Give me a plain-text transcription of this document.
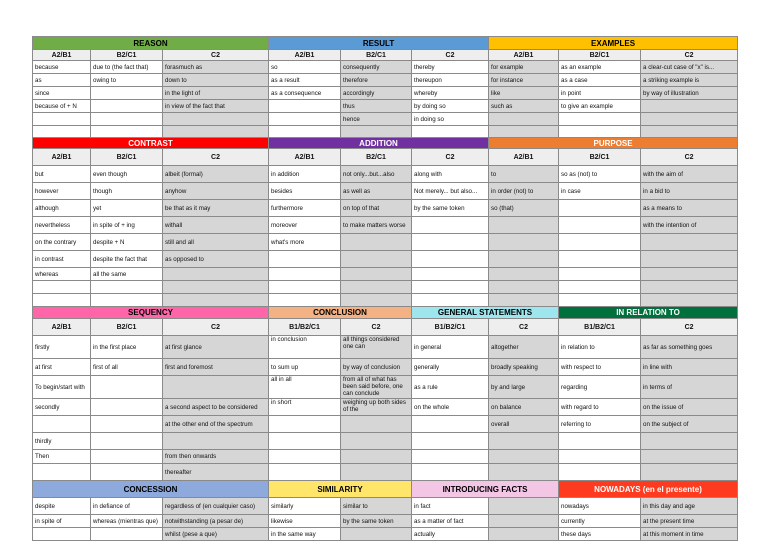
REASON			RESULT			EXAMPLES		
A2/B1	B2/C1	C2	A2/B1	B2/C1	C2	A2/B1	B2/C1	C2
because	due to (the fact that)	forasmuch as	so	consequently	thereby	for example	as an example	a clear-cut case of "x" is...
as	owing to	down to	as a result	therefore	thereupon	for instance	as a case	a striking example is
since		in the light of	as a consequence	accordingly	whereby	like	in point	by way of illustration
because of + N		in view of the fact that		thus	by doing so	such as	to give an example	
				hence	in doing so			

CONTRAST			ADDITION			PURPOSE		
A2/B1	B2/C1	C2	A2/B1	B2/C1	C2	A2/B1	B2/C1	C2
but	even though	albeit (formal)	in addition	not only...but...also	along with	to	so as (not) to	with the aim of
however	though	anyhow	besides	as well as	Not merely... but also...	in order (not) to	in case	in a bid to
although	yet	be that as it may	furthermore	on top of that	by the same token	so (that)		as a means to
nevertheless	in spite of + ing	withall	moreover	to make matters worse				with the intention of
on the contrary	despite + N	still and all	what's more					
in contrast	despite the fact that	as opposed to						
whereas	all the same							

SEQUENCY			CONCLUSION		GENERAL STATEMENTS		IN RELATION TO	
A2/B1	B2/C1	C2	B1/B2/C1	C2	B1/B2/C1	C2	B1/B2/C1	C2
firstly	in the first place	at first glance	in conclusion	all things considered one can	in general	altogether	in relation to	as far as something goes
at first	first of all	first and foremost	to sum up	by way of conclusion	generally	broadly speaking	with respect to	in line with
To begin/start with			all in all	from all of what has been said before, one can conclude	as a rule	by and large	regarding	in terms of
secondly		a second aspect to be considered	in short	weighing up both sides of the	on the whole	on balance	with regard to	on the issue of
		at the other end of the spectrum				overall	referring to	on the subject of
thirdly								
Then		from then onwards						
		thereafter						
CONCESSION			SIMILARITY		INTRODUCING FACTS		NOWADAYS (en el presente)	
despite	in defiance of	regardless of (en cualquier caso)	similarly	similar to	in fact		nowadays	in this day and age
in spite of	whereas (mientras que)	notwithstanding (a pesar de)	likewise	by the same token	as a matter of fact		currently	at the present time
		whilst (pese a que)	in the same way		actually		these days	at this moment in time
